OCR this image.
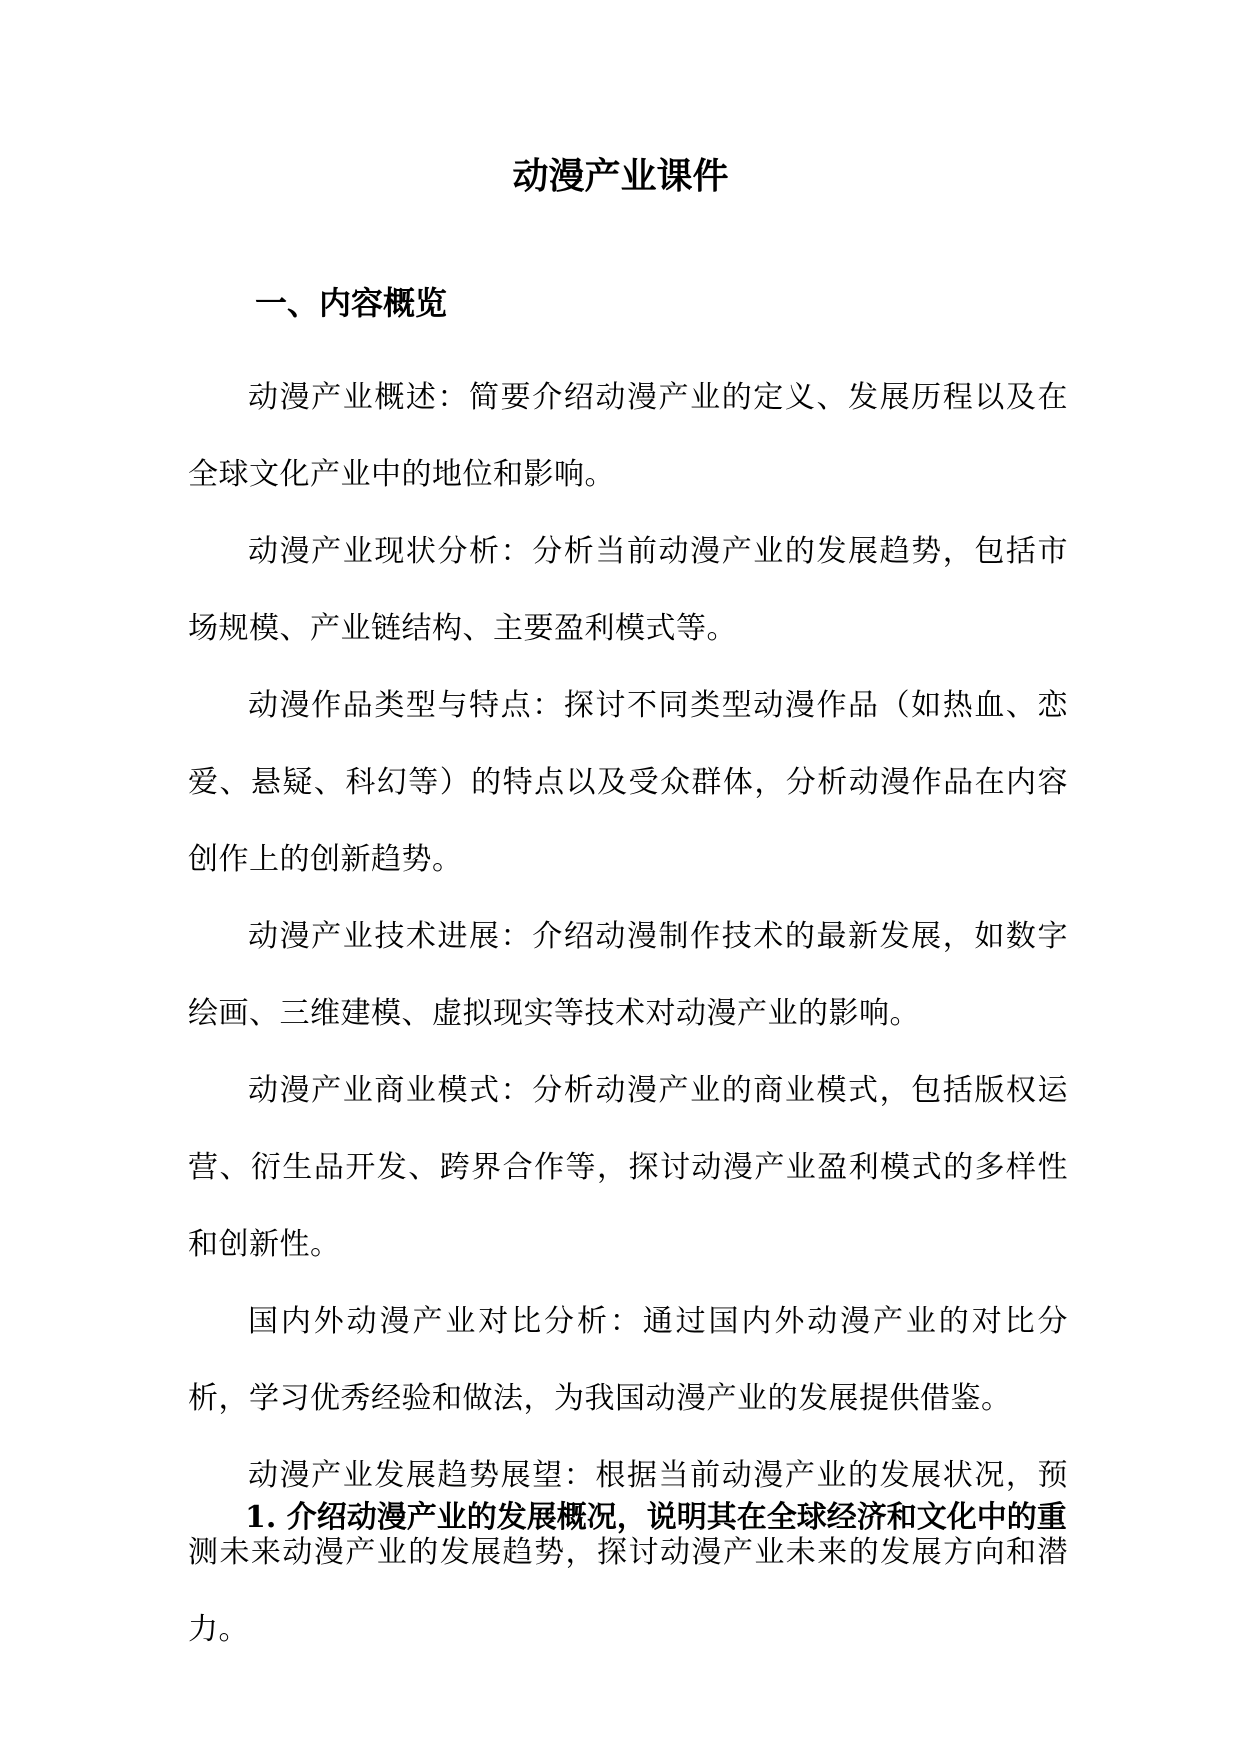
动漫产业课件
一、内容概览

动漫产业概述：简要介绍动漫产业的定义、发展历程以及在全球文化产业中的地位和影响。

动漫产业现状分析：分析当前动漫产业的发展趋势，包括市场规模、产业链结构、主要盈利模式等。

动漫作品类型与特点：探讨不同类型动漫作品（如热血、恋爱、悬疑、科幻等）的特点以及受众群体，分析动漫作品在内容创作上的创新趋势。

动漫产业技术进展：介绍动漫制作技术的最新发展，如数字绘画、三维建模、虚拟现实等技术对动漫产业的影响。

动漫产业商业模式：分析动漫产业的商业模式，包括版权运营、衍生品开发、跨界合作等，探讨动漫产业盈利模式的多样性和创新性。

国内外动漫产业对比分析：通过国内外动漫产业的对比分析，学习优秀经验和做法，为我国动漫产业的发展提供借鉴。

动漫产业发展趋势展望：根据当前动漫产业的发展状况，预测未来动漫产业的发展趋势，探讨动漫产业未来的发展方向和潜力。

1. 介绍动漫产业的发展概况，说明其在全球经济和文化中的重
